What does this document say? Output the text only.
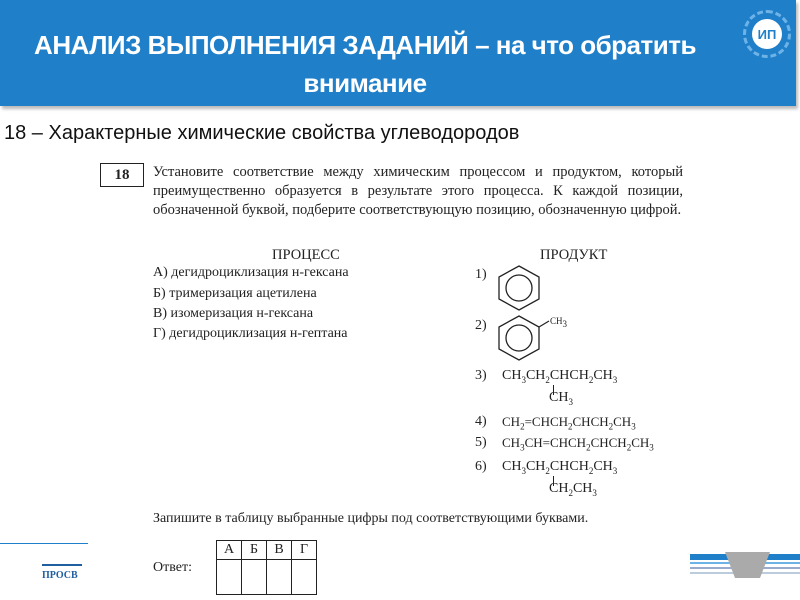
АНАЛИЗ ВЫПОЛНЕНИЯ ЗАДАНИЙ – на что обратить внимание
ИП
18 – Характерные химические свойства углеводородов
18	Установите соответствие между химическим процессом и продуктом, который преимущественно образуется в результате этого процесса. К каждой позиции, обозначенной буквой, подберите соответствующую позицию, обозначенную цифрой.
ПРОЦЕСС	ПРОДУКТ
А) дегидроциклизация н-гексана
Б) тримеризация ацетилена
В) изомеризация н-гексана
Г) дегидроциклизация н-гептана
1)
2)	$CH_3$
3) $CH_3CH_2CHCH_2CH_3$
$CH_3$
4) $CH_2=CHCH_2CHCH_2CH_3$
5) $CH_3CH=CHCH_2CHCH_2CH_3$
6) $CH_3CH_2CHCH_2CH_3$
$CH_2CH_3$
Запишите в таблицу выбранные цифры под соответствующими буквами.
Ответ:
А	Б	В	Г

ПРОСВ
